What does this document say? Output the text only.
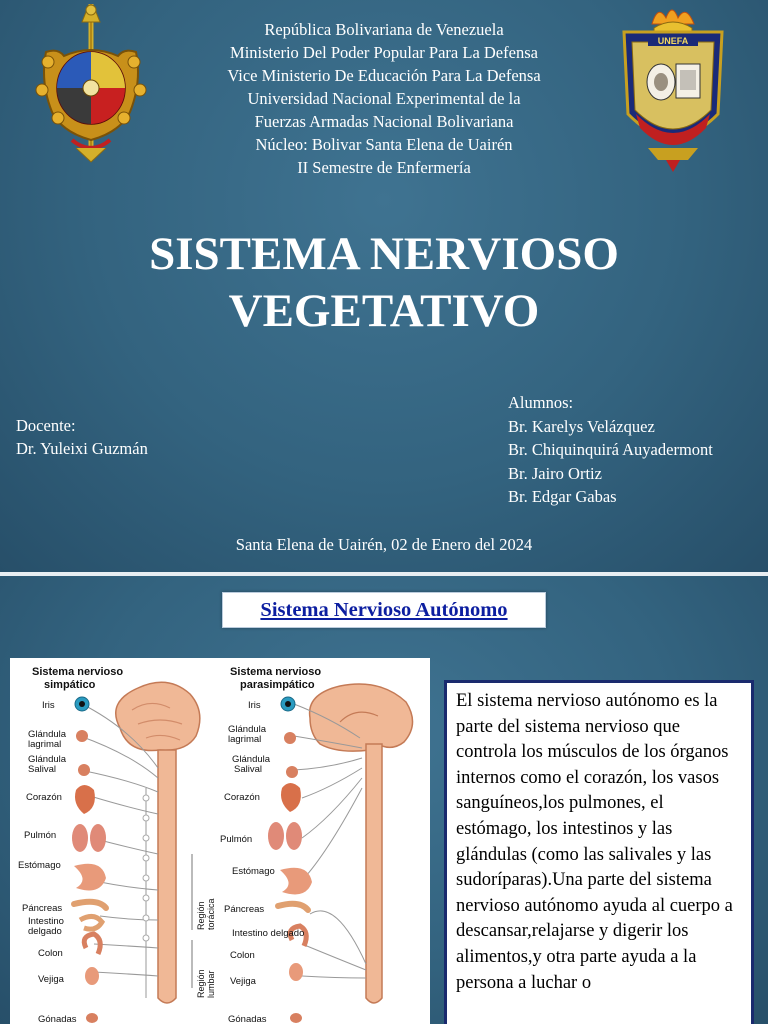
UNEFA
República Bolivariana de Venezuela
Ministerio Del Poder Popular Para La Defensa
Vice Ministerio De Educación Para La Defensa
Universidad Nacional Experimental de la
Fuerzas Armadas Nacional Bolivariana
Núcleo: Bolivar Santa Elena de Uairén
II Semestre de Enfermería
SISTEMA NERVIOSO
VEGETATIVO
Docente:
Dr. Yuleixi Guzmán
Alumnos:
Br. Karelys Velázquez
Br. Chiquinquirá Auyadermont
Br. Jairo Ortiz
Br. Edgar Gabas
Santa Elena de Uairén, 02 de Enero del 2024
Sistema Nervioso Autónomo
Sistema nervioso
simpático
Iris
Glándula
lagrimal
Glándula
Salival
Corazón
Pulmón
Estómago
Páncreas
Intestino
delgado
Colon
Vejiga
Gónadas
Región torácica
Región lumbar
Sistema nervioso
parasimpático
Iris
Glándula
lagrimal
Glándula
Salival
Corazón
Pulmón
Estómago
Páncreas
Intestino delgado
Colon
Vejiga
Gónadas

El sistema nervioso autónomo es la parte del sistema nervioso que controla los músculos de los órganos internos como el corazón, los vasos sanguíneos,los pulmones, el estómago, los intestinos y las glándulas (como las salivales y las sudoríparas).Una parte del sistema nervioso autónomo ayuda al cuerpo a descansar,relajarse y digerir los alimentos,y otra parte ayuda a la persona a luchar o
